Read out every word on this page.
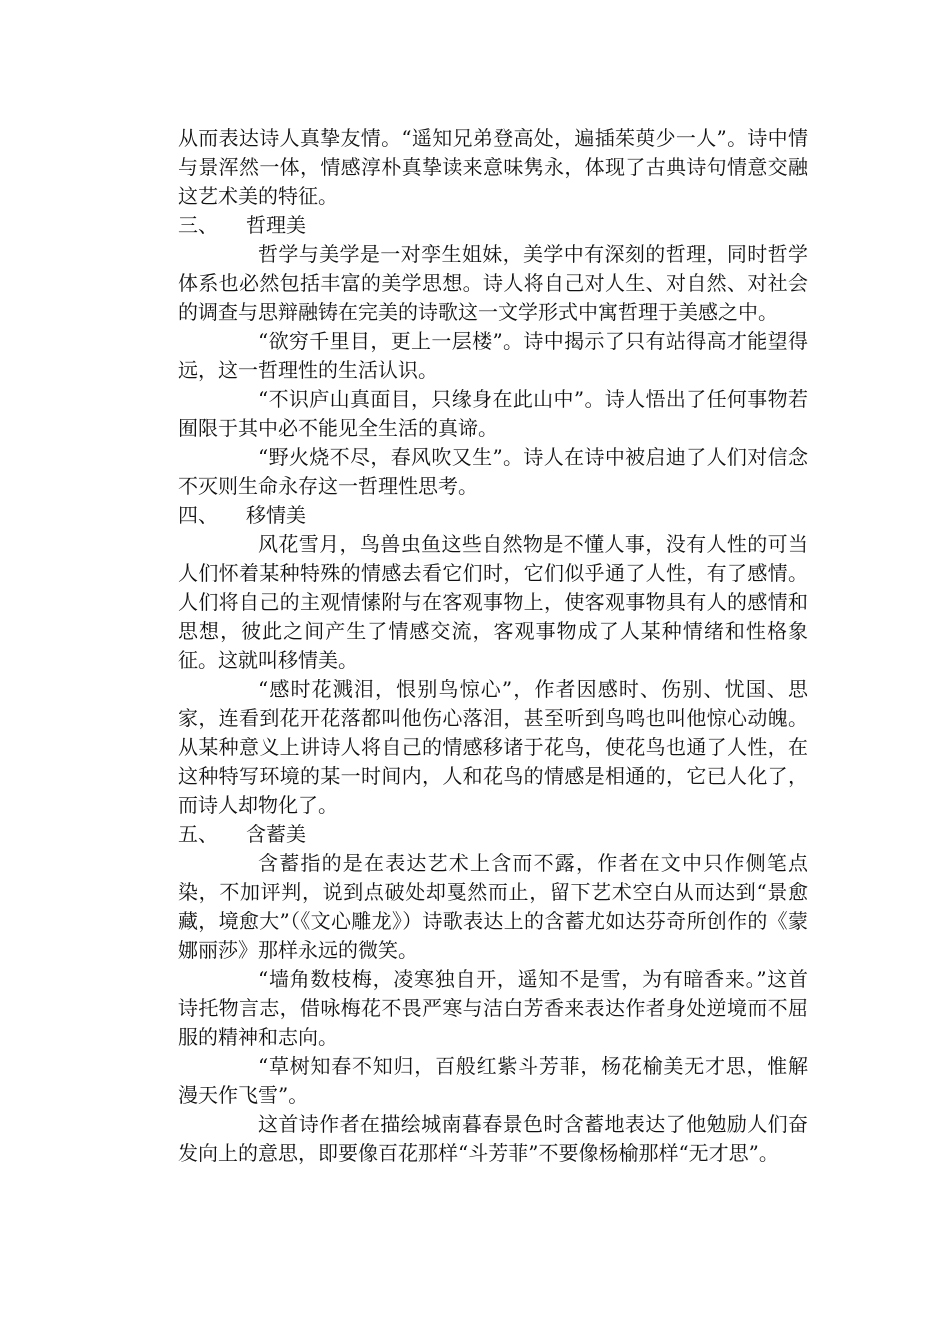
从而表达诗人真挚友情。“遥知兄弟登高处，遍插茱萸少一人”。诗中情与景浑然一体，情感淳朴真挚读来意味隽永，体现了古典诗句情意交融这艺术美的特征。

三、	哲理美

哲学与美学是一对孪生姐妹，美学中有深刻的哲理，同时哲学体系也必然包括丰富的美学思想。诗人将自己对人生、对自然、对社会的调查与思辩融铸在完美的诗歌这一文学形式中寓哲理于美感之中。

“欲穷千里目，更上一层楼”。诗中揭示了只有站得高才能望得远，这一哲理性的生活认识。

“不识庐山真面目，只缘身在此山中”。诗人悟出了任何事物若囿限于其中必不能见全生活的真谛。

“野火烧不尽，春风吹又生”。诗人在诗中被启迪了人们对信念不灭则生命永存这一哲理性思考。

四、	移情美

风花雪月，鸟兽虫鱼这些自然物是不懂人事，没有人性的可当人们怀着某种特殊的情感去看它们时，它们似乎通了人性，有了感情。人们将自己的主观情愫附与在客观事物上，使客观事物具有人的感情和思想，彼此之间产生了情感交流，客观事物成了人某种情绪和性格象征。这就叫移情美。

“感时花溅泪，恨别鸟惊心”，作者因感时、伤别、忧国、思家，连看到花开花落都叫他伤心落泪，甚至听到鸟鸣也叫他惊心动魄。从某种意义上讲诗人将自己的情感移诸于花鸟，使花鸟也通了人性，在这种特写环境的某一时间内，人和花鸟的情感是相通的，它已人化了，而诗人却物化了。

五、	含蓄美

含蓄指的是在表达艺术上含而不露，作者在文中只作侧笔点染，不加评判，说到点破处却戛然而止，留下艺术空白从而达到“景愈藏，境愈大”（《文心雕龙》）诗歌表达上的含蓄尤如达芬奇所创作的《蒙娜丽莎》那样永远的微笑。

“墙角数枝梅，凌寒独自开，遥知不是雪，为有暗香来。”这首诗托物言志，借咏梅花不畏严寒与洁白芳香来表达作者身处逆境而不屈服的精神和志向。

“草树知春不知归，百般红紫斗芳菲，杨花榆美无才思，惟解漫天作飞雪”。

这首诗作者在描绘城南暮春景色时含蓄地表达了他勉励人们奋发向上的意思，即要像百花那样“斗芳菲”不要像杨榆那样“无才思”。
